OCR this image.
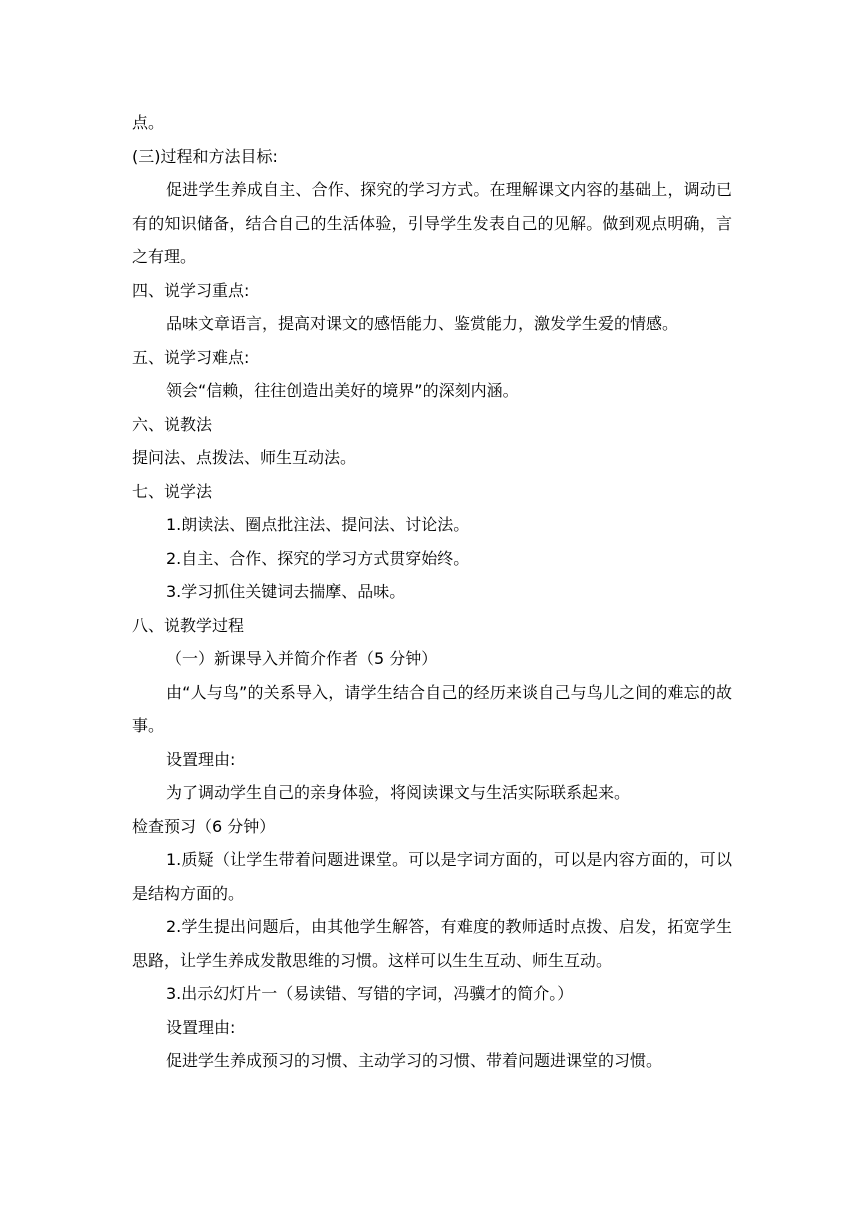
点。

(三)过程和方法目标:

促进学生养成自主、合作、探究的学习方式。在理解课文内容的基础上，调动已有的知识储备，结合自己的生活体验，引导学生发表自己的见解。做到观点明确，言之有理。

四、说学习重点:

品味文章语言，提高对课文的感悟能力、鉴赏能力，激发学生爱的情感。

五、说学习难点:

领会“信赖，往往创造出美好的境界”的深刻内涵。

六、说教法

提问法、点拨法、师生互动法。

七、说学法

1.朗读法、圈点批注法、提问法、讨论法。

2.自主、合作、探究的学习方式贯穿始终。

3.学习抓住关键词去揣摩、品味。

八、说教学过程

（一）新课导入并简介作者（5 分钟）

由“人与鸟”的关系导入，请学生结合自己的经历来谈自己与鸟儿之间的难忘的故事。

设置理由:

为了调动学生自己的亲身体验，将阅读课文与生活实际联系起来。

检查预习（6 分钟）

1.质疑（让学生带着问题进课堂。可以是字词方面的，可以是内容方面的，可以是结构方面的。

2.学生提出问题后，由其他学生解答，有难度的教师适时点拨、启发，拓宽学生思路，让学生养成发散思维的习惯。这样可以生生互动、师生互动。

3.出示幻灯片一（易读错、写错的字词，冯骥才的简介。）

设置理由:

促进学生养成预习的习惯、主动学习的习惯、带着问题进课堂的习惯。
